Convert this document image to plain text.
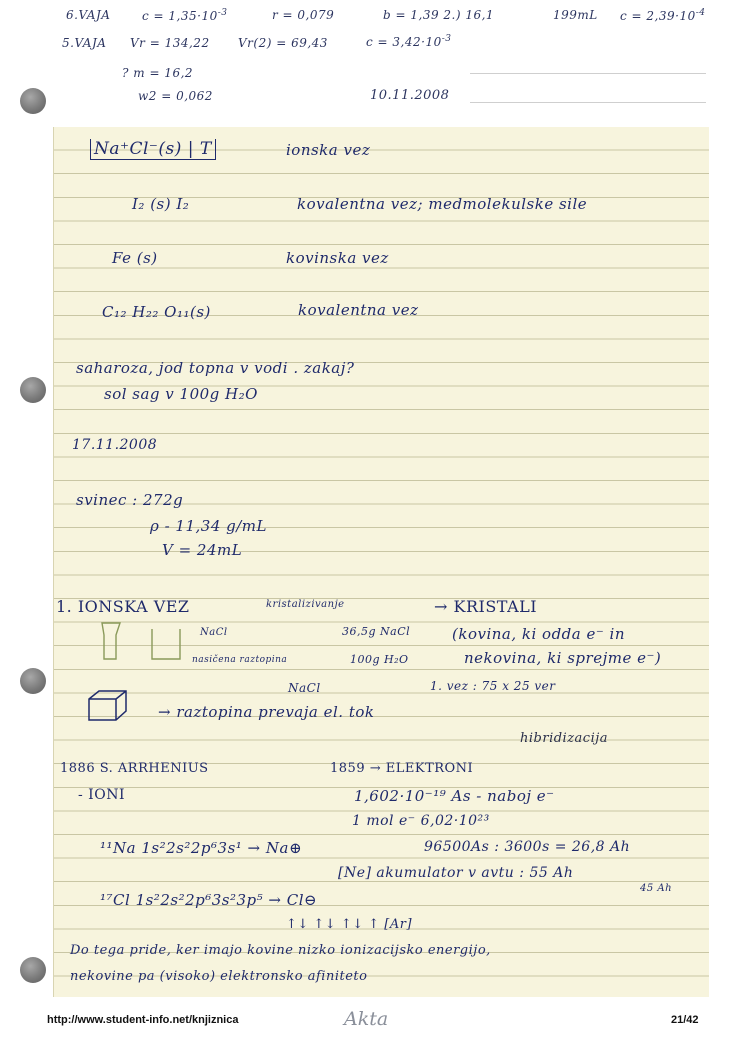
6.VAJA	$c = 1,35\cdot 10^{-3}$	r = 0,079	b = 1,39 2.) 16,1	199mL $c = 2,39\cdot 10^{-4}$
5.VAJA Vr = 134,22 Vr(2) = 69,43	$c = 3,42\cdot 10^{-3}$
? m = 16,2
w2 = 0,062	10.11.2008
Na⁺Cl⁻(s) | T	ionska vez
I₂ (s) I₂	kovalentna vez; medmolekulske sile
Fe (s)	kovinska vez
C₁₂ H₂₂ O₁₁(s)	kovalentna vez
saharoza, jod topna v vodi . zakaj?
sol sag v 100g H₂O
17.11.2008
svinec : 272g
ρ - 11,34 g/mL
V = 24mL
1. IONSKA VEZ	kristalizivanje	→ KRISTALI
NaCl	36,5g NaCl	(kovina, ki odda e⁻ in
nasičena raztopina	100g H₂O	nekovina, ki sprejme e⁻)
NaCl	1. vez : 75 x 25 ver
→ raztopina prevaja el. tok
hibridizacija
1886 S. ARRHENIUS	1859 → ELEKTRONI
- IONI	1,602·10⁻¹⁹ As - naboj e⁻
1 mol e⁻ 6,02·10²³
¹¹Na 1s²2s²2p⁶3s¹ → Na⊕	96500As : 3600s = 26,8 Ah
[Ne] akumulator v avtu : 55 Ah
45 Ah
¹⁷Cl 1s²2s²2p⁶3s²3p⁵ → Cl⊖
↑↓ ↑↓ ↑↓ ↑ [Ar]
Do tega pride, ker imajo kovine nizko ionizacijsko energijo,
nekovine pa (visoko) elektronsko afiniteto
http://www.student-info.net/knjiznica	Akta	21/42
